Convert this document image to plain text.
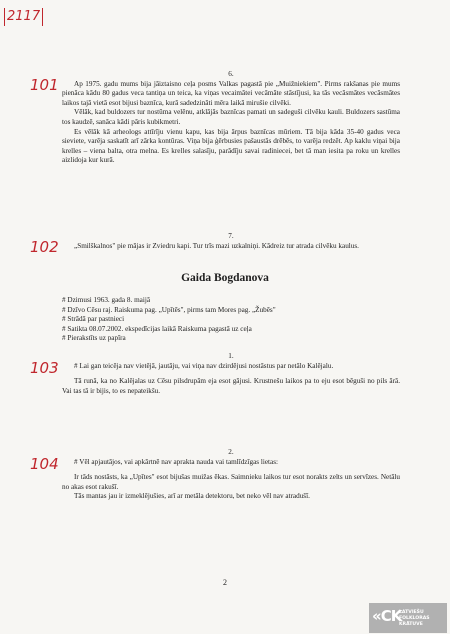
2117
101

6.

Ap 1975. gadu mums bija jāiztaisno ceļa posms Valkas pagastā pie „Muižniekiem". Pirms rakšanas pie mums pienāca kādu 80 gadus veca tantiņa un teica, ka viņas vecaimātei vecāmāte stāstījusi, ka tās vecāsmātes vecāsmātes laikos tajā vietā esot bijusi baznīca, kurā sadedzināti mēra laikā mirušie cilvēki.

Vēlāk, kad buldozers tur nostūma velēnu, atklājās baznīcas pamati un sadeguši cilvēku kauli. Buldozers sastūma tos kaudzē, sanāca kādi pāris kubikmetri.

Es vēlāk kā arheologs attīrīju vienu kapu, kas bija ārpus baznīcas mūriem. Tā bija kāda 35-40 gadus veca sieviete, varēja saskatīt arī zārka kontūras. Viņa bija ģērbusies pašaustās drēbēs, to varēja redzēt. Ap kaklu viņai bija krelles – viena balta, otra melna. Es krelles salasīju, parādīju savai radiniecei, bet tā man iesita pa roku un krelles aizlidoja kur kurā.

102

7.

„Smilškalnos" pie mājas ir Zviedru kapi. Tur trīs mazi uzkalniņi. Kādreiz tur atrada cilvēku kaulus.

Gaida Bogdanova

# Dzimusi 1963. gada 8. maijā

# Dzīvo Cēsu raj. Raiskuma pag. „Upītēs", pirms tam Mores pag. „Žubēs"

# Strādā par pastnieci

# Satikta 08.07.2002. ekspedīcijas laikā Raiskuma pagastā uz ceļa

# Pierakstīts uz papīra

103

1.

# Lai gan teicēja nav vietējā, jautāju, vai viņa nav dzirdējusi nostāstus par netālo Kalējalu.

Tā runā, ka no Kalējalas uz Cēsu pilsdrupām eja esot gājusi. Krustnešu laikos pa to eju esot bēguši no pils ārā. Vai tas tā ir bijis, to es nepateikšu.

104

2.

# Vēl apjautājos, vai apkārtnē nav aprakta nauda vai tamlīdzīgas lietas:

Ir tāds nostāsts, ka „Upītes" esot bijušas muižas ēkas. Saimnieku laikos tur esot norakts zelts un servīzes. Netālu no akas esot rakušī.

Tās mantas jau ir izmeklējušies, arī ar metāla detektoru, bet neko vēl nav atradušī.

2
«CK
LATVIEŠU
FOLKLORAS
KRĀTUVE
